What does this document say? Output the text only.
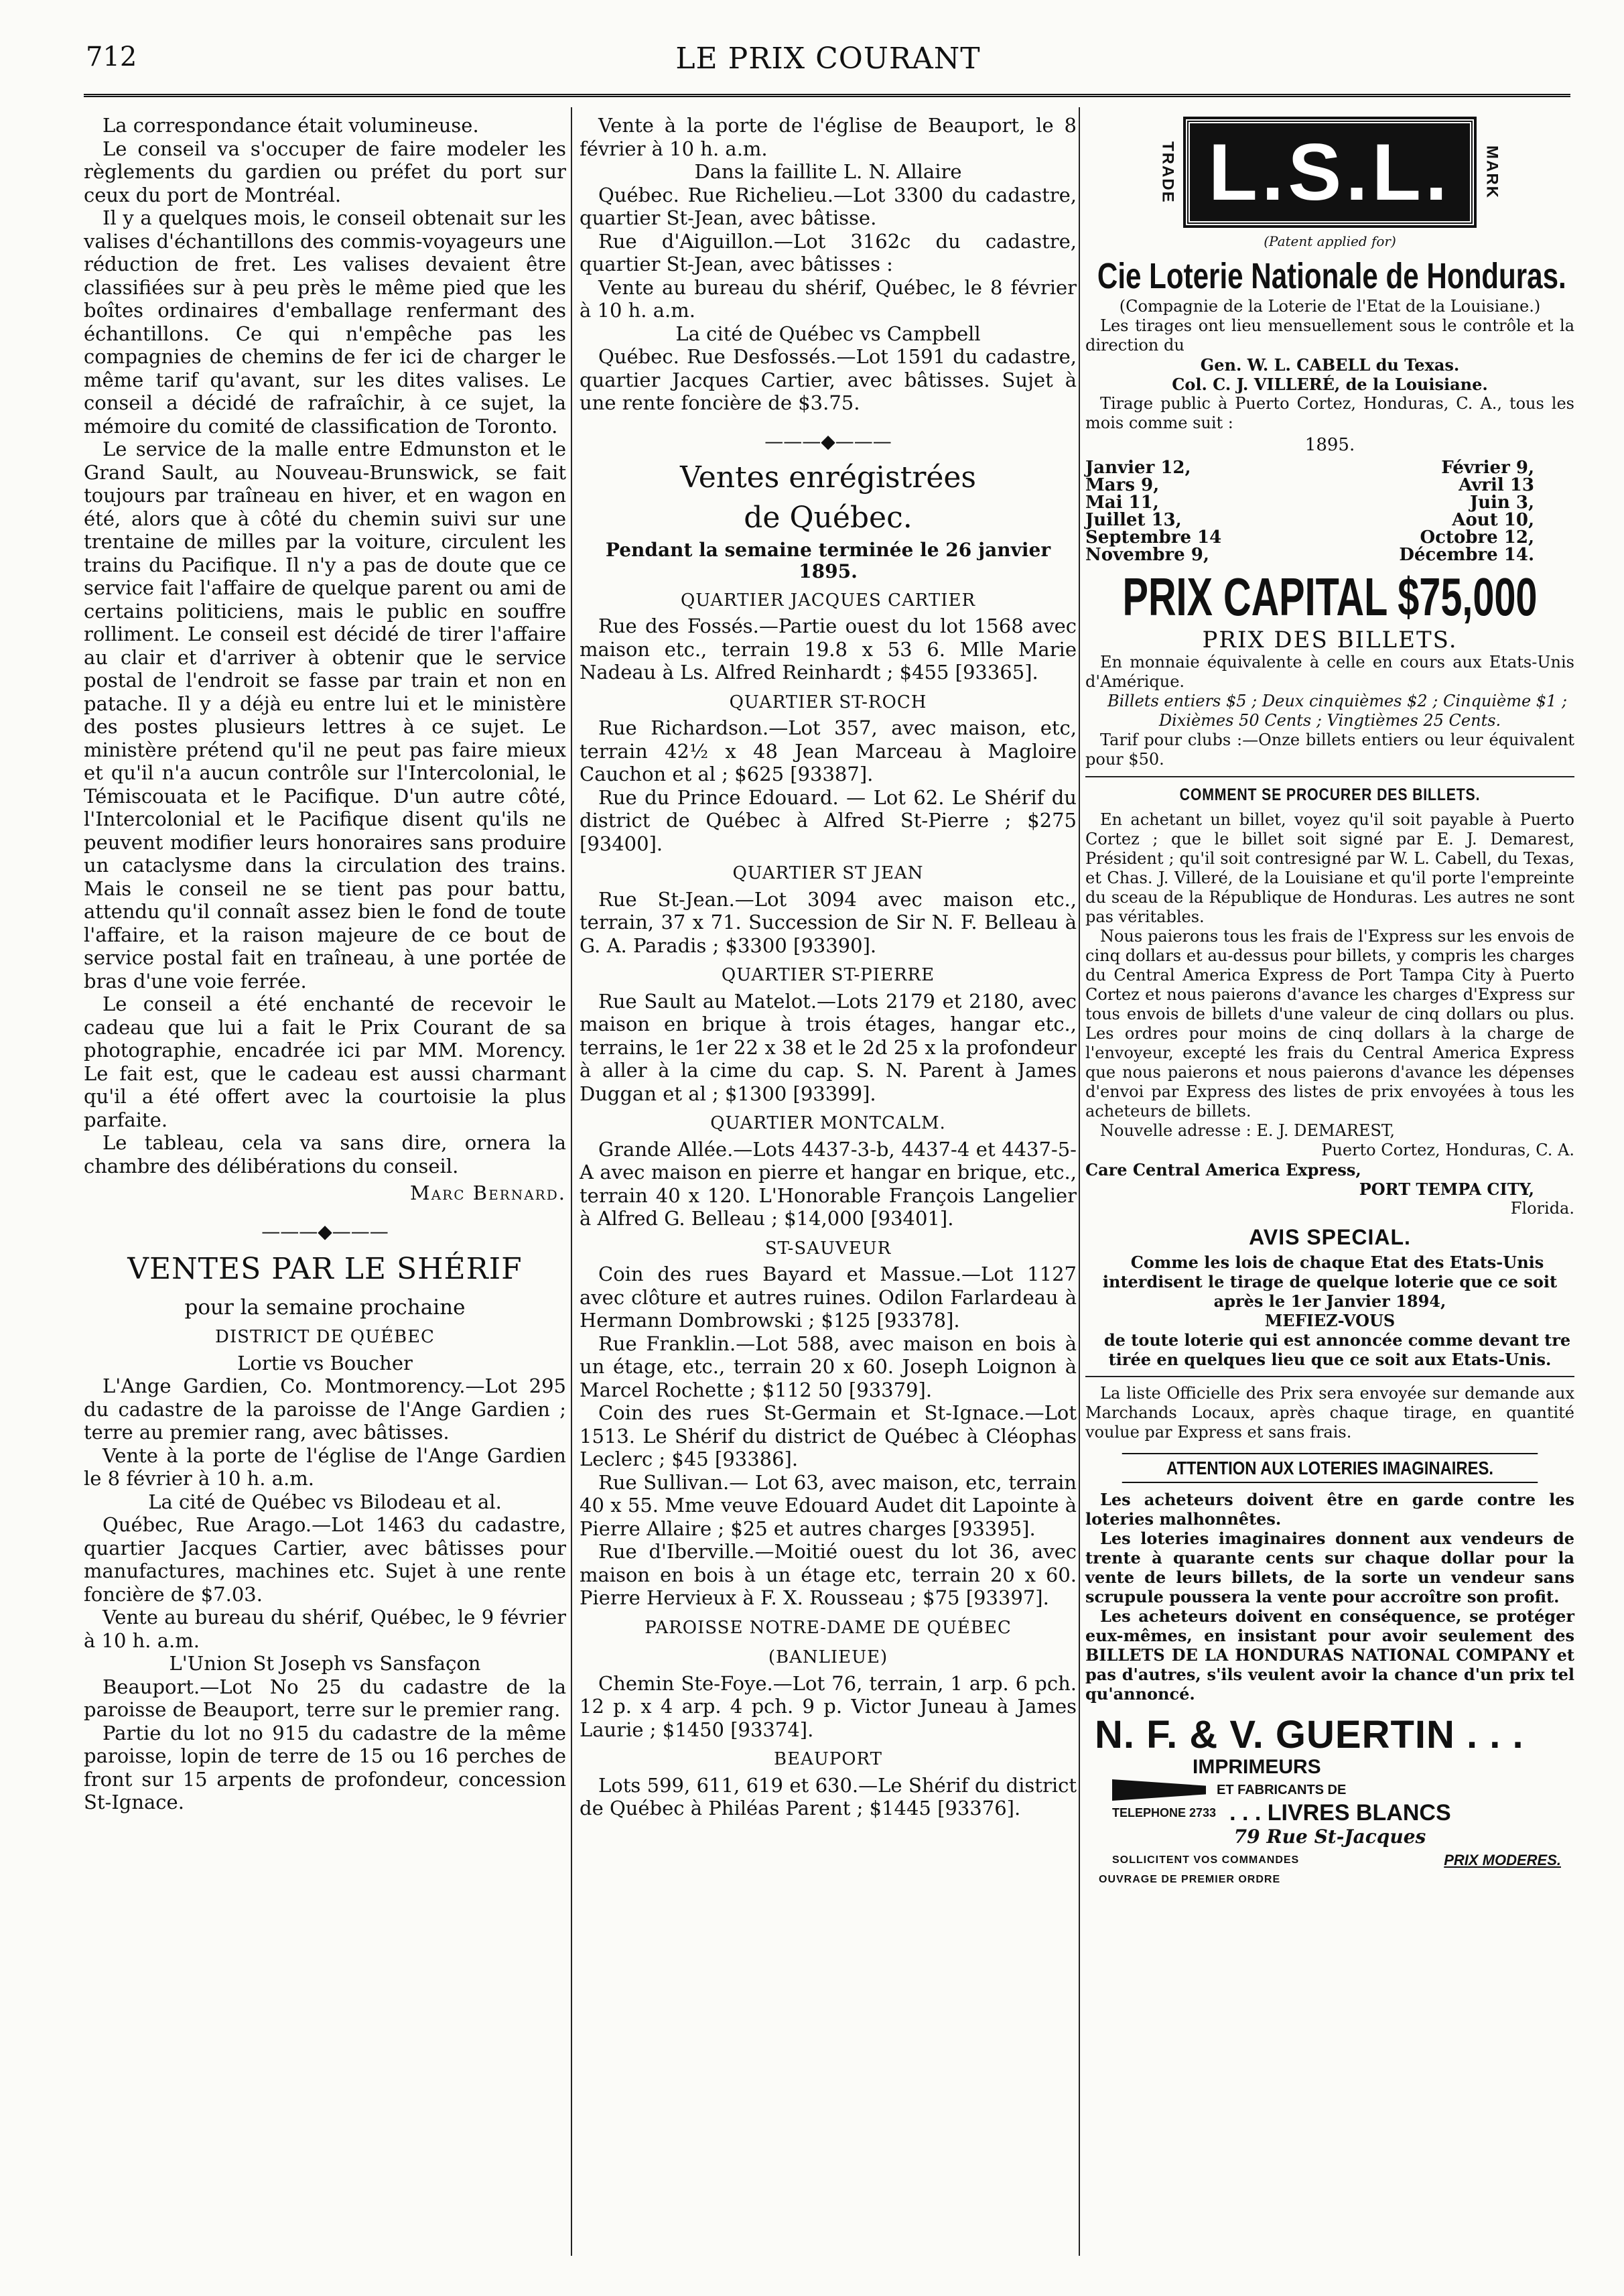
712	LE PRIX COURANT

La correspondance était volumineuse.

Le conseil va s'occuper de faire modeler les règlements du gardien ou préfet du port sur ceux du port de Montréal.

Il y a quelques mois, le conseil obtenait sur les valises d'échantillons des commis-voyageurs une réduction de fret. Les valises devaient être classifiées sur à peu près le même pied que les boîtes ordinaires d'emballage renfermant des échantillons. Ce qui n'empêche pas les compagnies de chemins de fer ici de charger le même tarif qu'avant, sur les dites valises. Le conseil a décidé de rafraîchir, à ce sujet, la mémoire du comité de classification de Toronto.

Le service de la malle entre Edmunston et le Grand Sault, au Nouveau-Brunswick, se fait toujours par traîneau en hiver, et en wagon en été, alors que à côté du chemin suivi sur une trentaine de milles par la voiture, circulent les trains du Pacifique. Il n'y a pas de doute que ce service fait l'affaire de quelque parent ou ami de certains politiciens, mais le public en souffre rolliment. Le conseil est décidé de tirer l'affaire au clair et d'arriver à obtenir que le service postal de l'endroit se fasse par train et non en patache. Il y a déjà eu entre lui et le ministère des postes plusieurs lettres à ce sujet. Le ministère prétend qu'il ne peut pas faire mieux et qu'il n'a aucun contrôle sur l'Intercolonial, le Témiscouata et le Pacifique. D'un autre côté, l'Intercolonial et le Pacifique disent qu'ils ne peuvent modifier leurs honoraires sans produire un cataclysme dans la circulation des trains. Mais le conseil ne se tient pas pour battu, attendu qu'il connaît assez bien le fond de toute l'affaire, et la raison majeure de ce bout de service postal fait en traîneau, à une portée de bras d'une voie ferrée.

Le conseil a été enchanté de recevoir le cadeau que lui a fait le Prix Courant de sa photographie, encadrée ici par MM. Morency. Le fait est, que le cadeau est aussi charmant qu'il a été offert avec la courtoisie la plus parfaite.

Le tableau, cela va sans dire, ornera la chambre des délibérations du conseil.

Marc Bernard.
———◆———
VENTES PAR LE SHÉRIF
pour la semaine prochaine
DISTRICT DE QUÉBEC
Lortie vs Boucher

L'Ange Gardien, Co. Montmorency.—Lot 295 du cadastre de la paroisse de l'Ange Gardien ; terre au premier rang, avec bâtisses.

Vente à la porte de l'église de l'Ange Gardien le 8 février à 10 h. a.m.

La cité de Québec vs Bilodeau et al.

Québec, Rue Arago.—Lot 1463 du cadastre, quartier Jacques Cartier, avec bâtisses pour manufactures, machines etc. Sujet à une rente foncière de $7.03.

Vente au bureau du shérif, Québec, le 9 février à 10 h. a.m.

L'Union St Joseph vs Sansfaçon

Beauport.—Lot No 25 du cadastre de la paroisse de Beauport, terre sur le premier rang.

Partie du lot no 915 du cadastre de la même paroisse, lopin de terre de 15 ou 16 perches de front sur 15 arpents de profondeur, concession St-Ignace.

Vente à la porte de l'église de Beauport, le 8 février à 10 h. a.m.

Dans la faillite L. N. Allaire

Québec. Rue Richelieu.—Lot 3300 du cadastre, quartier St-Jean, avec bâtisse.

Rue d'Aiguillon.—Lot 3162c du cadastre, quartier St-Jean, avec bâtisses :

Vente au bureau du shérif, Québec, le 8 février à 10 h. a.m.

La cité de Québec vs Campbell

Québec. Rue Desfossés.—Lot 1591 du cadastre, quartier Jacques Cartier, avec bâtisses. Sujet à une rente foncière de $3.75.

———◆———
Ventes enrégistrées
de Québec.
Pendant la semaine terminée le 26 janvier 1895.
QUARTIER JACQUES CARTIER

Rue des Fossés.—Partie ouest du lot 1568 avec maison etc., terrain 19.8 x 53 6. Mlle Marie Nadeau à Ls. Alfred Reinhardt ; $455 [93365].

QUARTIER ST-ROCH

Rue Richardson.—Lot 357, avec maison, etc, terrain 42½ x 48 Jean Marceau à Magloire Cauchon et al ; $625 [93387].

Rue du Prince Edouard. — Lot 62. Le Shérif du district de Québec à Alfred St-Pierre ; $275 [93400].

QUARTIER ST JEAN

Rue St-Jean.—Lot 3094 avec maison etc., terrain, 37 x 71. Succession de Sir N. F. Belleau à G. A. Paradis ; $3300 [93390].

QUARTIER ST-PIERRE

Rue Sault au Matelot.—Lots 2179 et 2180, avec maison en brique à trois étages, hangar etc., terrains, le 1er 22 x 38 et le 2d 25 x la profondeur à aller à la cime du cap. S. N. Parent à James Duggan et al ; $1300 [93399].

QUARTIER MONTCALM.

Grande Allée.—Lots 4437-3-b, 4437-4 et 4437-5-A avec maison en pierre et hangar en brique, etc., terrain 40 x 120. L'Honorable François Langelier à Alfred G. Belleau ; $14,000 [93401].

ST-SAUVEUR

Coin des rues Bayard et Massue.—Lot 1127 avec clôture et autres ruines. Odilon Farlardeau à Hermann Dombrowski ; $125 [93378].

Rue Franklin.—Lot 588, avec maison en bois à un étage, etc., terrain 20 x 60. Joseph Loignon à Marcel Rochette ; $112 50 [93379].

Coin des rues St-Germain et St-Ignace.—Lot 1513. Le Shérif du district de Québec à Cléophas Leclerc ; $45 [93386].

Rue Sullivan.— Lot 63, avec maison, etc, terrain 40 x 55. Mme veuve Edouard Audet dit Lapointe à Pierre Allaire ; $25 et autres charges [93395].

Rue d'Iberville.—Moitié ouest du lot 36, avec maison en bois à un étage etc, terrain 20 x 60. Pierre Hervieux à F. X. Rousseau ; $75 [93397].

PAROISSE NOTRE-DAME DE QUÉBEC
(BANLIEUE)

Chemin Ste-Foye.—Lot 76, terrain, 1 arp. 6 pch. 12 p. x 4 arp. 4 pch. 9 p. Victor Juneau à James Laurie ; $1450 [93374].

BEAUPORT

Lots 599, 611, 619 et 630.—Le Shérif du district de Québec à Philéas Parent ; $1445 [93376].

TRADE L.S.L.	MARK
(Patent applied for)
Cie Loterie Nationale de Honduras.
(Compagnie de la Loterie de l'Etat de la Louisiane.)

Les tirages ont lieu mensuellement sous le contrôle et la direction du

Gen. W. L. CABELL du Texas.
Col. C. J. VILLERÉ, de la Louisiane.

Tirage public à Puerto Cortez, Honduras, C. A., tous les mois comme suit :

1895.
Janvier 12,	Février 9,
Mars 9,	Avril 13
Mai 11,	Juin 3,
Juillet 13,	Aout 10,
Septembre 14	Octobre 12,
Novembre 9,	Décembre 14.
PRIX CAPITAL $75,000
PRIX DES BILLETS.

En monnaie équivalente à celle en cours aux Etats-Unis d'Amérique.

Billets entiers $5 ; Deux cinquièmes $2 ; Cinquième $1 ; Dixièmes 50 Cents ; Vingtièmes 25 Cents.

Tarif pour clubs :—Onze billets entiers ou leur équivalent pour $50.

COMMENT SE PROCURER DES BILLETS.

En achetant un billet, voyez qu'il soit payable à Puerto Cortez ; que le billet soit signé par E. J. Demarest, Président ; qu'il soit contresigné par W. L. Cabell, du Texas, et Chas. J. Villeré, de la Louisiane et qu'il porte l'empreinte du sceau de la République de Honduras. Les autres ne sont pas véritables.

Nous paierons tous les frais de l'Express sur les envois de cinq dollars et au-dessus pour billets, y compris les charges du Central America Express de Port Tampa City à Puerto Cortez et nous paierons d'avance les charges d'Express sur tous envois de billets d'une valeur de cinq dollars ou plus. Les ordres pour moins de cinq dollars à la charge de l'envoyeur, excepté les frais du Central America Express que nous paierons et nous paierons d'avance les dépenses d'envoi par Express des listes de prix envoyées à tous les acheteurs de billets.

Nouvelle adresse : E. J. DEMAREST,

Puerto Cortez, Honduras, C. A.
Care Central America Express,
PORT TEMPA CITY,
Florida.
AVIS SPECIAL.

Comme les lois de chaque Etat des Etats-Unis interdisent le tirage de quelque loterie que ce soit après le 1er Janvier 1894,

MEFIEZ-VOUS

de toute loterie qui est annoncée comme devant tre tirée en quelques lieu que ce soit aux Etats-Unis.

La liste Officielle des Prix sera envoyée sur demande aux Marchands Locaux, après chaque tirage, en quantité voulue par Express et sans frais.

ATTENTION AUX LOTERIES IMAGINAIRES.

Les acheteurs doivent être en garde contre les loteries malhonnêtes.

Les loteries imaginaires donnent aux vendeurs de trente à quarante cents sur chaque dollar pour la vente de leurs billets, de la sorte un vendeur sans scrupule poussera la vente pour accroître son profit.

Les acheteurs doivent en conséquence, se protéger eux-mêmes, en insistant pour avoir seulement des BILLETS DE LA HONDURAS NATIONAL COMPANY et pas d'autres, s'ils veulent avoir la chance d'un prix tel qu'annoncé.

N. F. & V. GUERTIN . . .
IMPRIMEURS
ET FABRICANTS DE
TELEPHONE 2733 . . . LIVRES BLANCS
79 Rue St-Jacques
SOLLICITENT VOS COMMANDES	PRIX MODERES.
OUVRAGE DE PREMIER ORDRE
